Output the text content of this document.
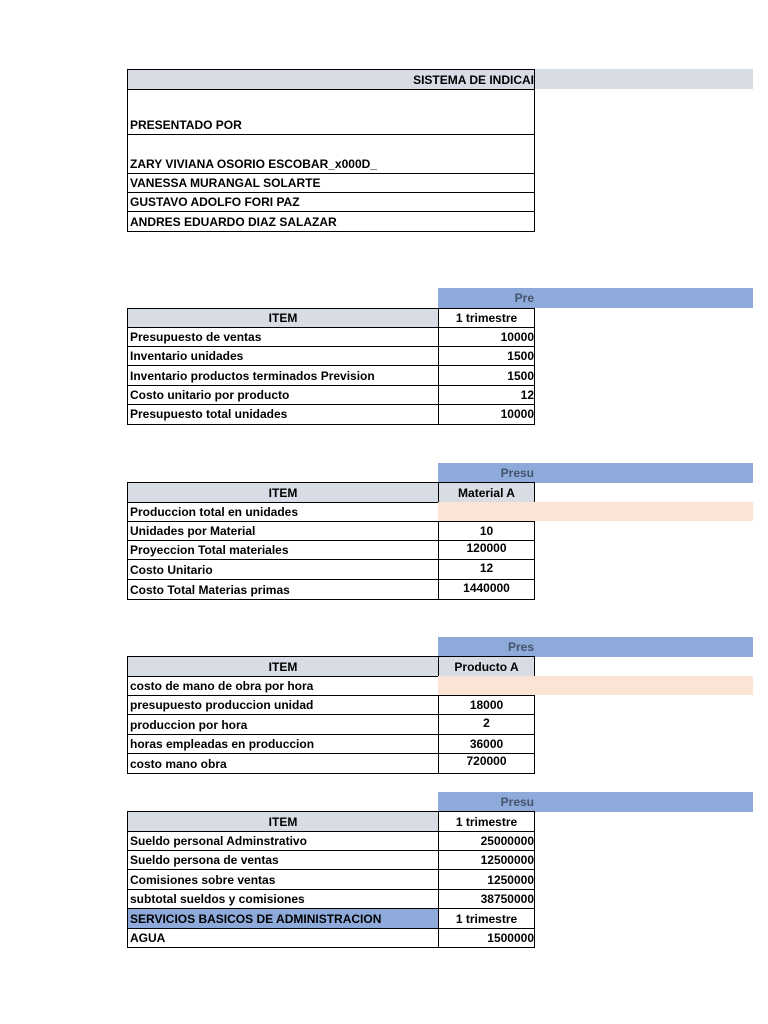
SISTEMA DE INDICAI
PRESENTADO POR
ZARY VIVIANA OSORIO ESCOBAR_x000D_
VANESSA MURANGAL SOLARTE
GUSTAVO ADOLFO FORI PAZ
ANDRES EDUARDO DIAZ SALAZAR
Pre
ITEM	1 trimestre
Presupuesto de ventas	10000
Inventario unidades	1500
Inventario productos terminados Prevision	1500
Costo unitario por producto	12
Presupuesto total unidades	10000
Presu
ITEM	Material A
Produccion total en unidades
Unidades por Material	10
Proyeccion Total materiales	120000
Costo Unitario	12
Costo Total Materias primas	1440000
Pres
ITEM	Producto A
costo de mano de obra por hora
presupuesto produccion unidad	18000
produccion por hora	2
horas empleadas en produccion	36000
costo mano obra	720000
Presu
ITEM	1 trimestre
Sueldo personal Adminstrativo	25000000
Sueldo persona de ventas	12500000
Comisiones sobre ventas	1250000
subtotal sueldos y comisiones	38750000
SERVICIOS BASICOS DE ADMINISTRACION	1 trimestre
AGUA	1500000
